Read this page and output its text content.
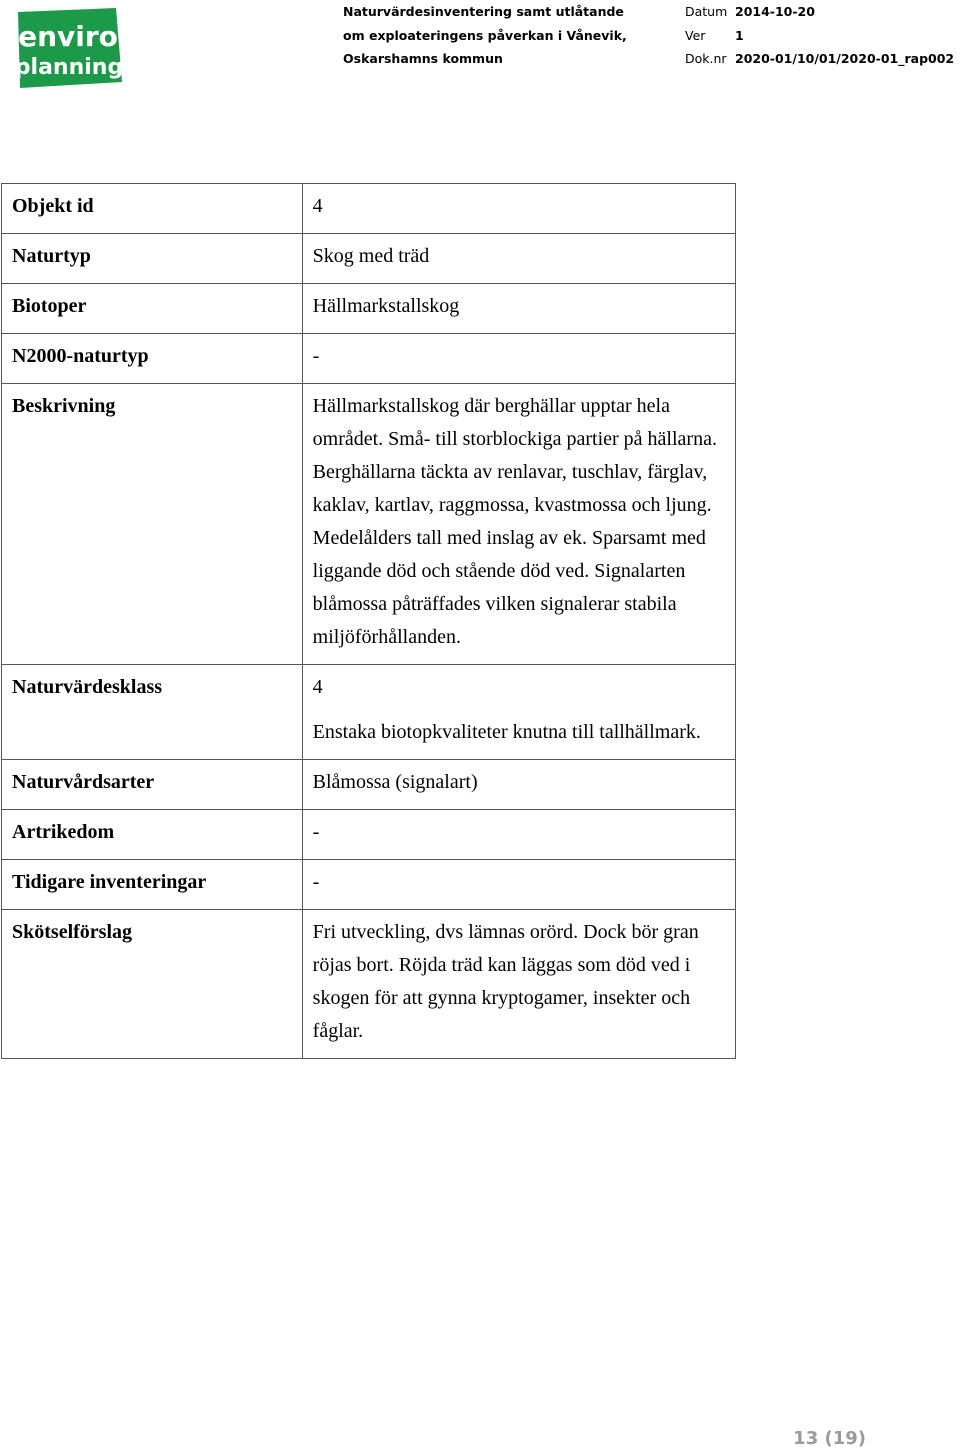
enviro
planning
Naturvärdesinventering samt utlåtande
om exploateringens påverkan i Vånevik,
Oskarshamns kommun
Datum 2014-10-20
Ver 1
Dok.nr 2020-01/10/01/2020-01_rap002
Objekt id	4
Naturtyp	Skog med träd
Biotoper	Hällmarkstallskog
N2000-naturtyp	-
Beskrivning	Hällmarkstallskog där berghällar upptar hela området. Små- till storblockiga partier på hällarna. Berghällarna täckta av renlavar, tuschlav, färglav, kaklav, kartlav, raggmossa, kvastmossa och ljung. Medelålders tall med inslag av ek. Sparsamt med liggande död och stående död ved. Signalarten blåmossa påträffades vilken signalerar stabila miljöförhållanden.
Naturvärdesklass	4

Enstaka biotopkvaliteter knutna till tallhällmark.

Naturvårdsarter	Blåmossa (signalart)
Artrikedom	-
Tidigare inventeringar	-
Skötselförslag	Fri utveckling, dvs lämnas orörd. Dock bör gran röjas bort. Röjda träd kan läggas som död ved i skogen för att gynna kryptogamer, insekter och fåglar.
13 (19)
